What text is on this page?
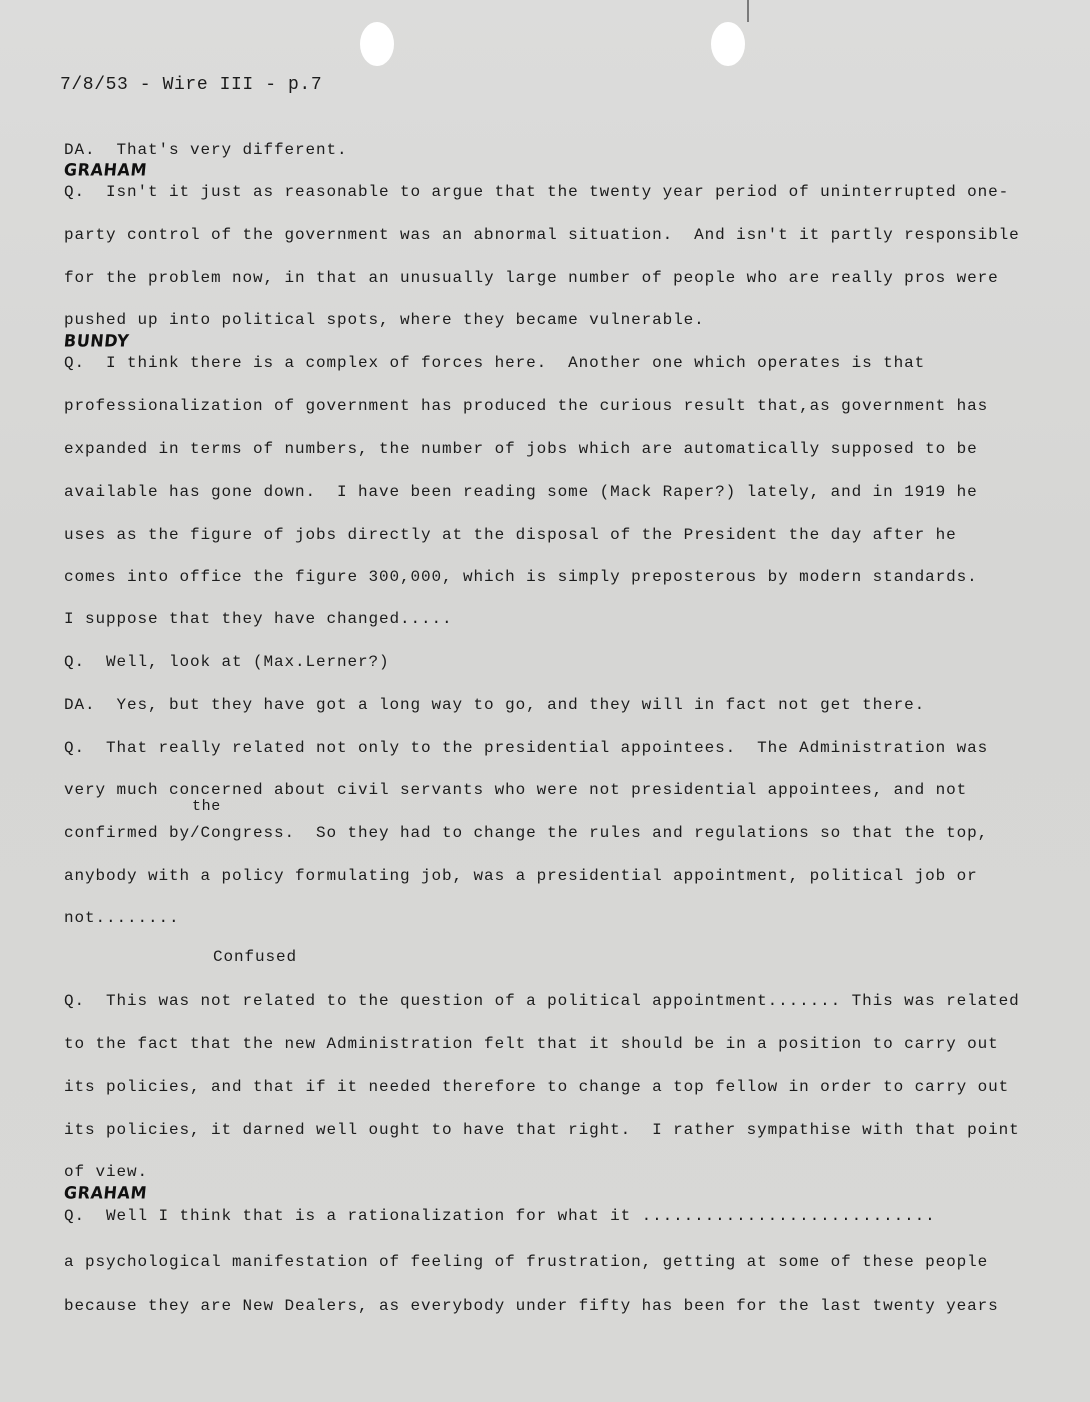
7/8/53 - Wire III - p.7
DA.  That's very different.
GRAHAM
Q.  Isn't it just as reasonable to argue that the twenty year period of uninterrupted one-
party control of the government was an abnormal situation.  And isn't it partly responsible
for the problem now, in that an unusually large number of people who are really pros were
pushed up into political spots, where they became vulnerable.
BUNDY
Q.  I think there is a complex of forces here.  Another one which operates is that
professionalization of government has produced the curious result that,as government has
expanded in terms of numbers, the number of jobs which are automatically supposed to be
available has gone down.  I have been reading some (Mack Raper?) lately, and in 1919 he
uses as the figure of jobs directly at the disposal of the President the day after he
comes into office the figure 300,000, which is simply preposterous by modern standards.
I suppose that they have changed.....
Q.  Well, look at (Max.Lerner?)
DA.  Yes, but they have got a long way to go, and they will in fact not get there.
Q.  That really related not only to the presidential appointees.  The Administration was
very much concerned about civil servants who were not presidential appointees, and not
the
confirmed by/Congress.  So they had to change the rules and regulations so that the top,
anybody with a policy formulating job, was a presidential appointment, political job or
not........
Confused
Q.  This was not related to the question of a political appointment....... This was related
to the fact that the new Administration felt that it should be in a position to carry out
its policies, and that if it needed therefore to change a top fellow in order to carry out
its policies, it darned well ought to have that right.  I rather sympathise with that point
of view.
GRAHAM
Q.  Well I think that is a rationalization for what it ............................
a psychological manifestation of feeling of frustration, getting at some of these people
because they are New Dealers, as everybody under fifty has been for the last twenty years
